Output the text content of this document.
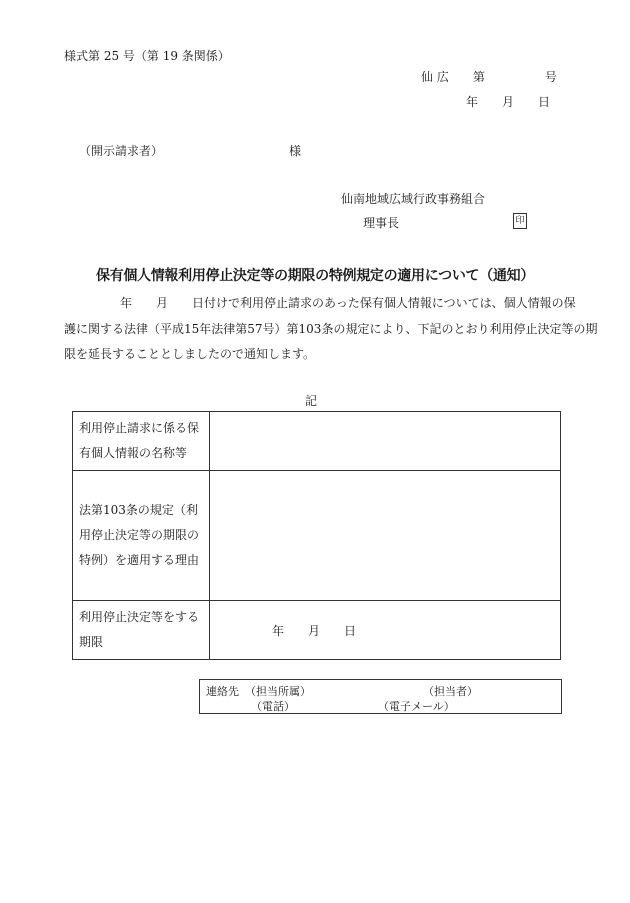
様式第 25 号（第 19 条関係）
仙 広　　第　　　　　号
年　　月　　日
（開示請求者）　　　　　　　　　　　様
仙南地域広域行政事務組合
理事長	印
保有個人情報利用停止決定等の期限の特例規定の適用について（通知）
年　　月　　日付けで利用停止請求のあった保有個人情報については、個人情報の保
護に関する法律（平成15年法律第57号）第103条の規定により、下記のとおり利用停止決定等の期
限を延長することとしましたので通知します。
記
利用停止請求に係る保有個人情報の名称等	
法第103条の規定（利用停止決定等の期限の特例）を適用する理由	
利用停止決定等をする期限	年　　月　　日
連絡先 （担当所属）	（担当者）
（電話）	（電子メール）
